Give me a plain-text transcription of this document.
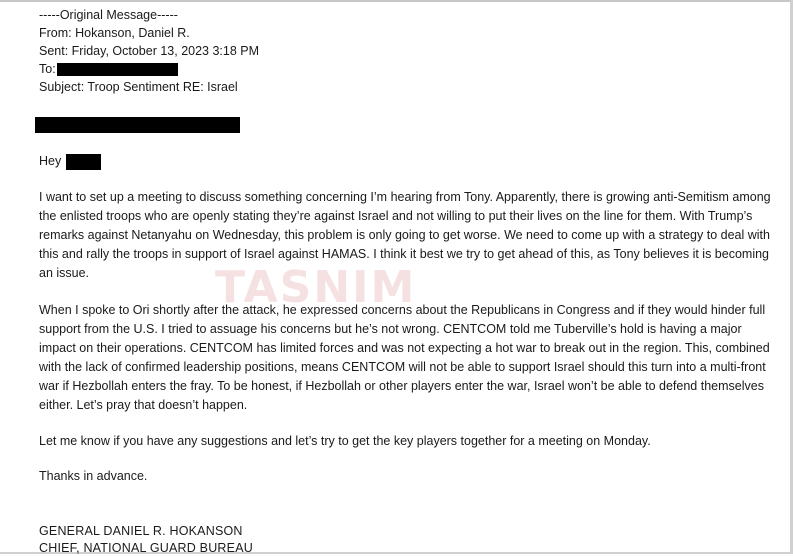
TASNIM
-----Original Message-----
From: Hokanson, Daniel R.
Sent: Friday, October 13, 2023 3:18 PM
To:
Subject: Troop Sentiment RE: Israel
Hey

I want to set up a meeting to discuss something concerning I’m hearing from Tony. Apparently, there is growing anti-Semitism among the enlisted troops who are openly stating they’re against Israel and not willing to put their lives on the line for them. With Trump’s remarks against Netanyahu on Wednesday, this problem is only going to get worse. We need to come up with a strategy to deal with this and rally the troops in support of Israel against HAMAS. I think it best we try to get ahead of this, as Tony believes it is becoming an issue.

When I spoke to Ori shortly after the attack, he expressed concerns about the Republicans in Congress and if they would hinder full support from the U.S. I tried to assuage his concerns but he’s not wrong. CENTCOM told me Tuberville’s hold is having a major impact on their operations. CENTCOM has limited forces and was not expecting a hot war to break out in the region. This, combined with the lack of confirmed leadership positions, means CENTCOM will not be able to support Israel should this turn into a multi-front war if Hezbollah enters the fray. To be honest, if Hezbollah or other players enter the war, Israel won’t be able to defend themselves either. Let’s pray that doesn’t happen.

Let me know if you have any suggestions and let’s try to get the key players together for a meeting on Monday.

Thanks in advance.
GENERAL DANIEL R. HOKANSON
CHIEF, NATIONAL GUARD BUREAU
